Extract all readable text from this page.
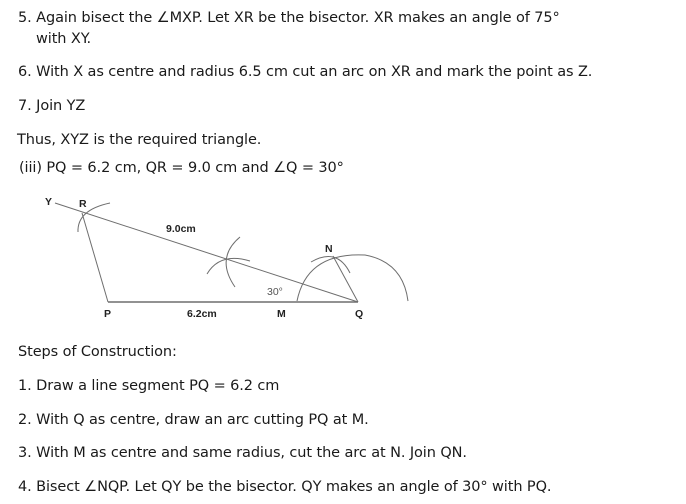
5. Again bisect the ∠MXP. Let XR be the bisector. XR makes an angle of 75°
with XY.
6. With X as centre and radius 6.5 cm cut an arc on XR and mark the point as Z.
7. Join YZ
Thus, XYZ is the required triangle.
(iii) PQ = 6.2 cm, QR = 9.0 cm and ∠Q = 30°
Y	R
9.0cm
N
30°
P	6.2cm	M	Q
Steps of Construction:
1. Draw a line segment PQ = 6.2 cm
2. With Q as centre, draw an arc cutting PQ at M.
3. With M as centre and same radius, cut the arc at N. Join QN.
4. Bisect ∠NQP. Let QY be the bisector. QY makes an angle of 30° with PQ.
